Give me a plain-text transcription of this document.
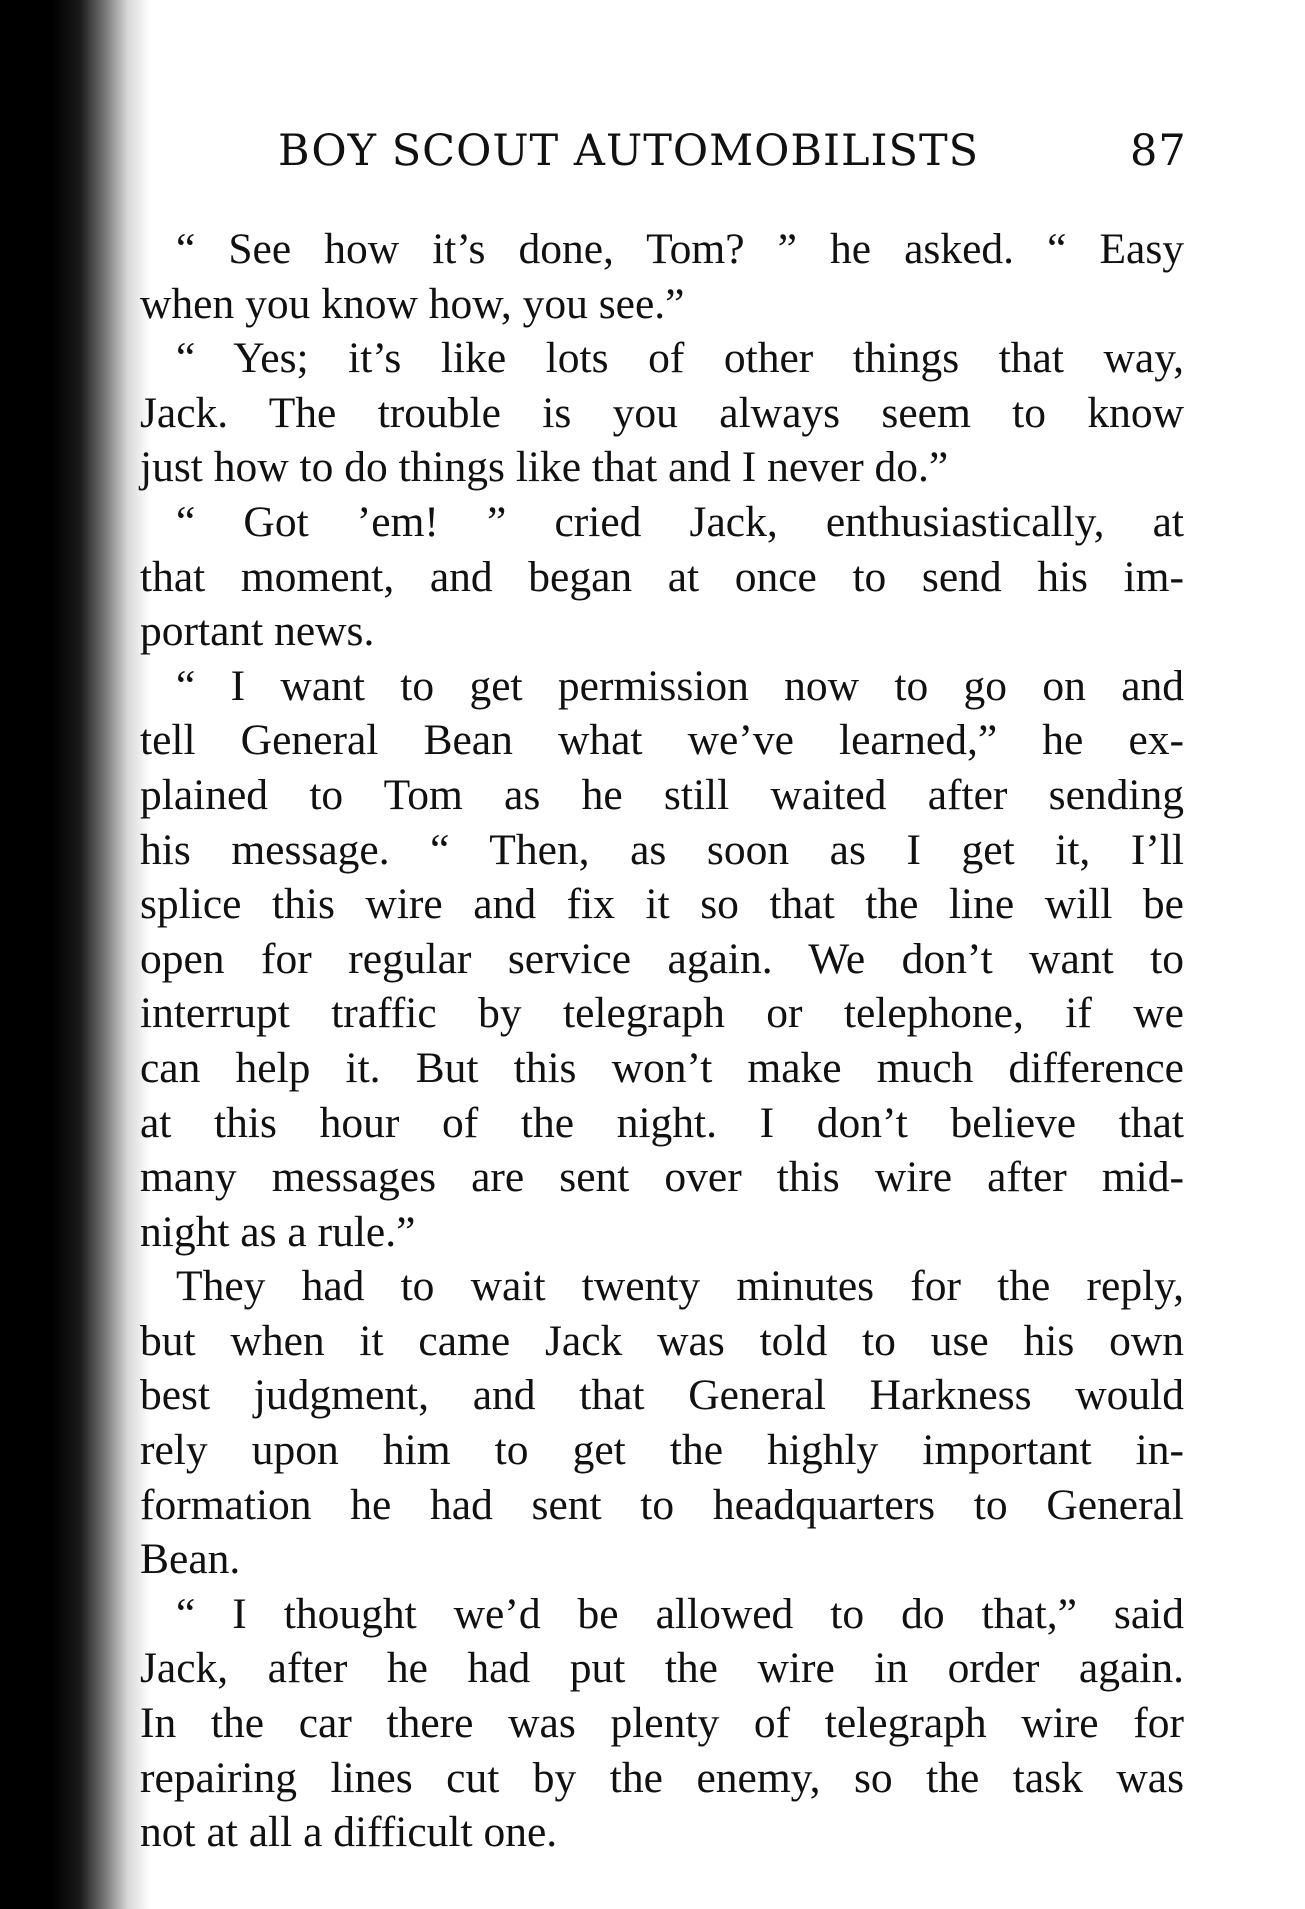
BOY SCOUT AUTOMOBILISTS	87
“ See how it’s done, Tom? ” he asked. “ Easy
when you know how, you see.”
“ Yes; it’s like lots of other things that way,
Jack. The trouble is you always seem to know
just how to do things like that and I never do.”
“ Got ’em! ” cried Jack, enthusiastically, at
that moment, and began at once to send his im-
portant news.
“ I want to get permission now to go on and
tell General Bean what we’ve learned,” he ex-
plained to Tom as he still waited after sending
his message. “ Then, as soon as I get it, I’ll
splice this wire and fix it so that the line will be
open for regular service again. We don’t want to
interrupt traffic by telegraph or telephone, if we
can help it. But this won’t make much difference
at this hour of the night. I don’t believe that
many messages are sent over this wire after mid-
night as a rule.”
They had to wait twenty minutes for the reply,
but when it came Jack was told to use his own
best judgment, and that General Harkness would
rely upon him to get the highly important in-
formation he had sent to headquarters to General
Bean.
“ I thought we’d be allowed to do that,” said
Jack, after he had put the wire in order again.
In the car there was plenty of telegraph wire for
repairing lines cut by the enemy, so the task was
not at all a difficult one.
